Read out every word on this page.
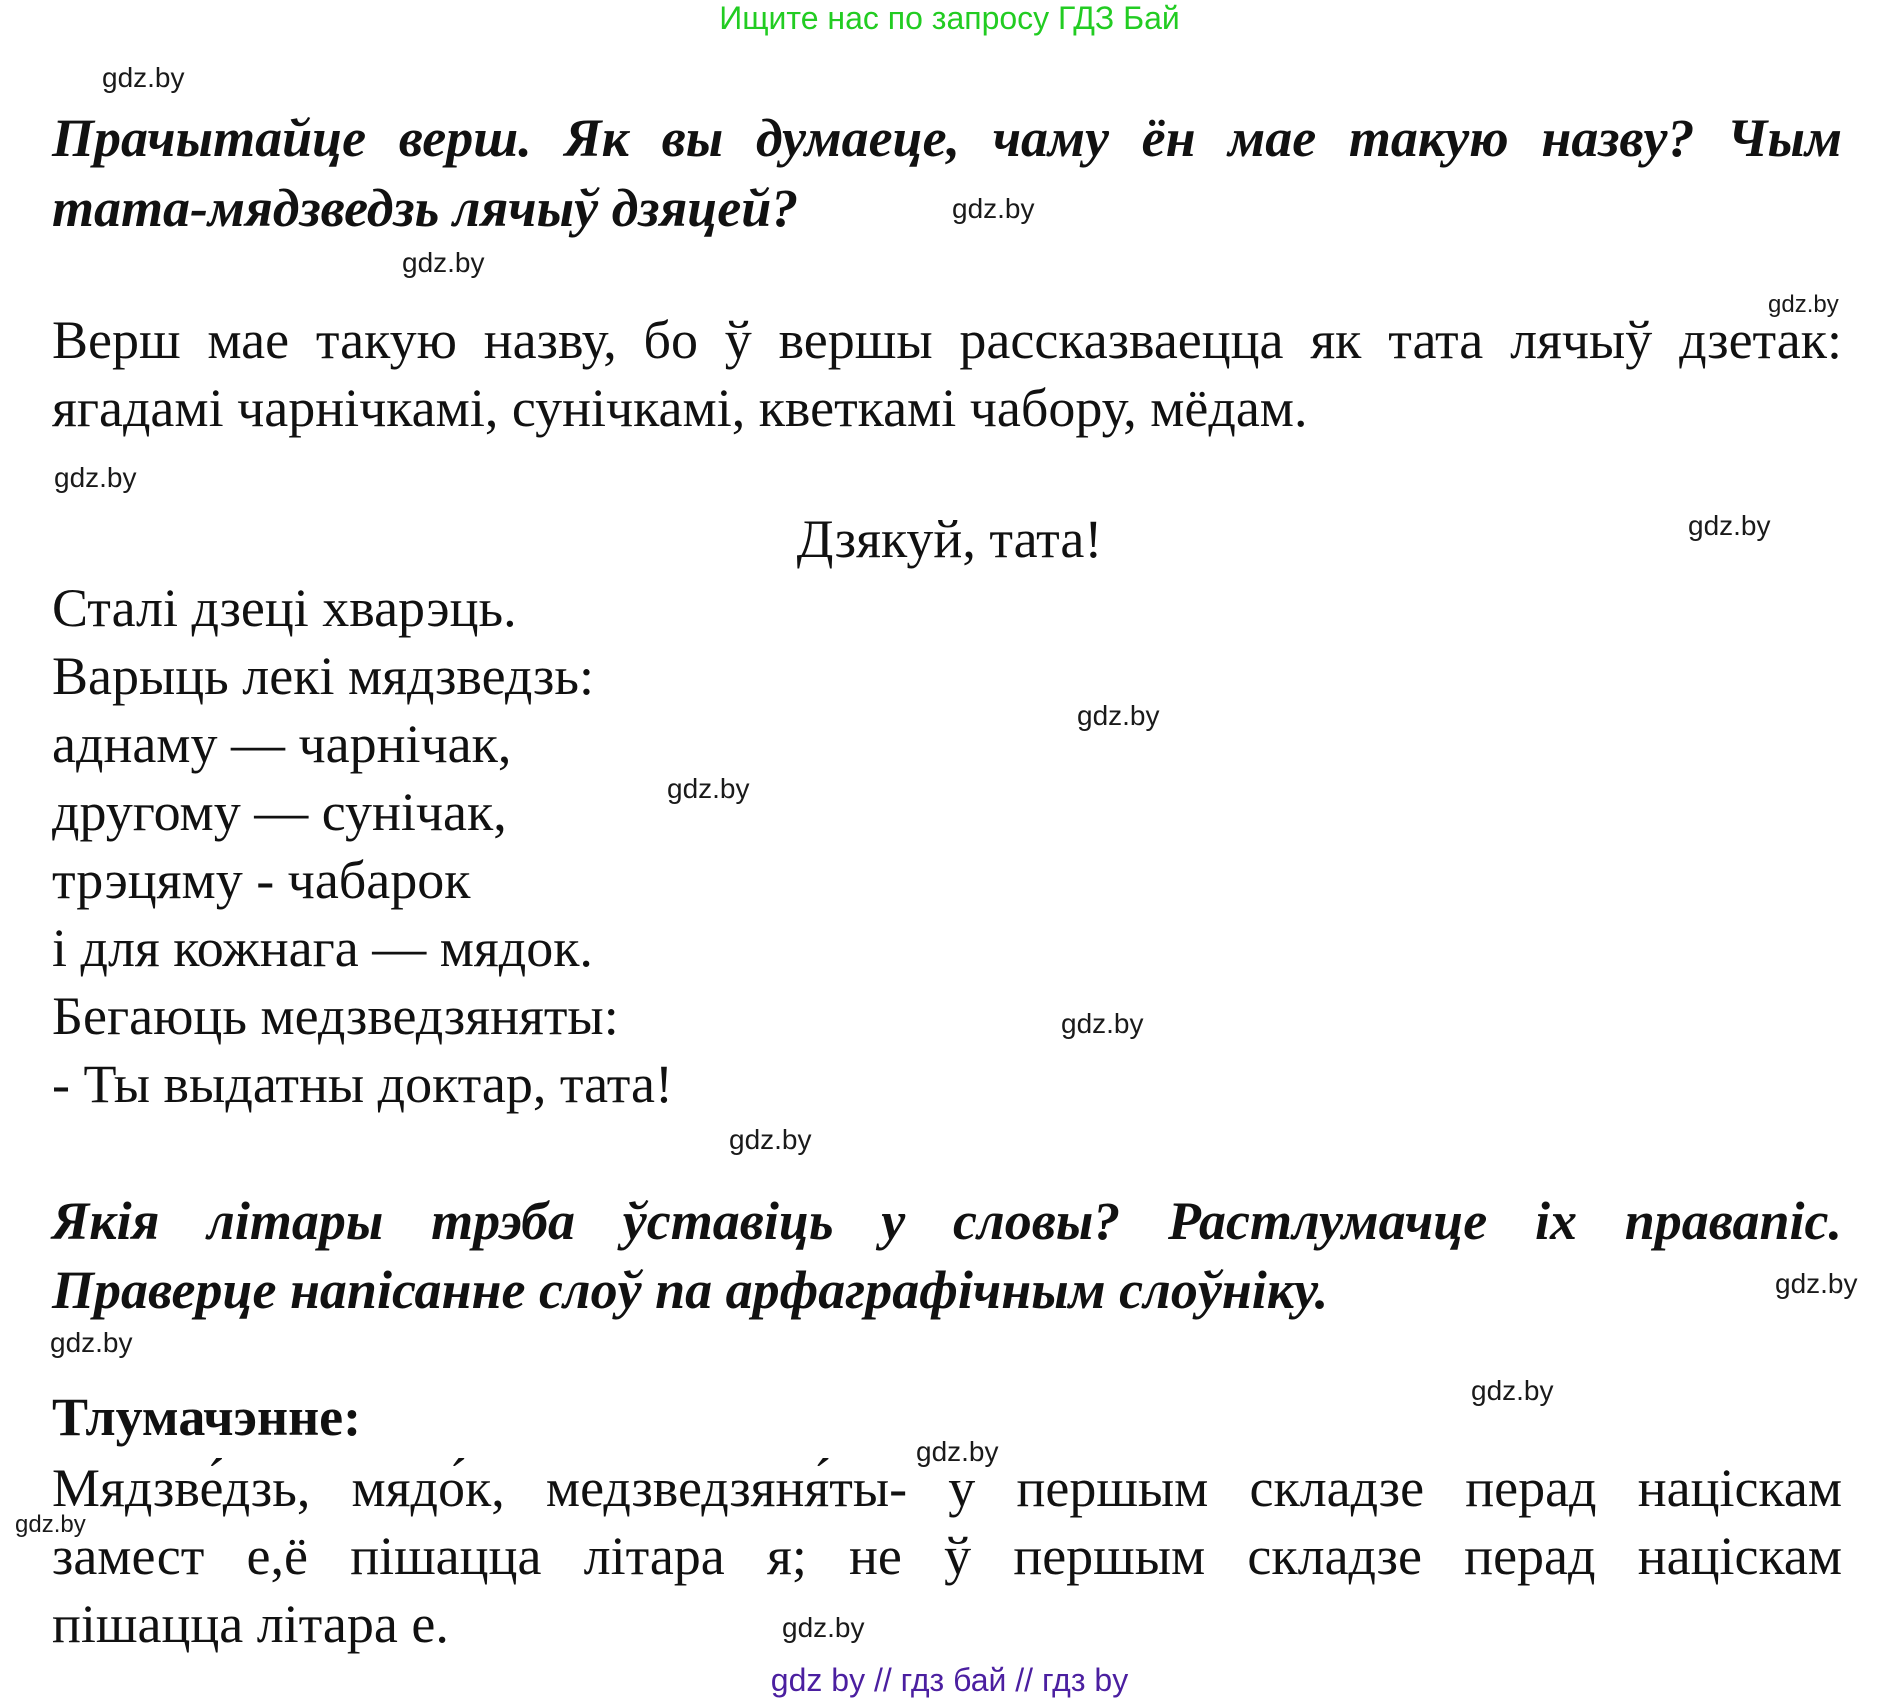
Ищите нас по запросу ГДЗ Бай
gdz.by
gdz.by
gdz.by
gdz.by
gdz.by
gdz.by
gdz.by
gdz.by
gdz.by
gdz.by
gdz.by
gdz.by
gdz.by
gdz.by
gdz.by
gdz.by
Прачытайце верш. Як вы думаеце, чаму ён мае такую назву? Чым
тата-мядзведзь лячыў дзяцей?
Верш мае такую назву, бо ў вершы рассказваецца як тата лячыў дзетак:
ягадамі чарнічкамі, сунічкамі, кветкамі чабору, мёдам.
Дзякуй, тата!
Сталі дзеці хварэць.
Варыць лекі мядзведзь:
аднаму — чарнічак,
другому — сунічак,
трэцяму - чабарок
і для кожнага — мядок.
Бегаюць медзведзяняты:
- Ты выдатны доктар, тата!
Якія літары трэба ўставіць у словы? Растлумачце іх правапіс.
Праверце напісанне слоў па арфаграфічным слоўніку.
Тлумачэнне:
Мядзве́дзь, мядо́к, медзведзяня́ты- у першым складзе перад націскам
замест е,ё пішацца літара я; не ў першым складзе перад націскам
пішацца літара е.
gdz by // гдз бай // гдз by
